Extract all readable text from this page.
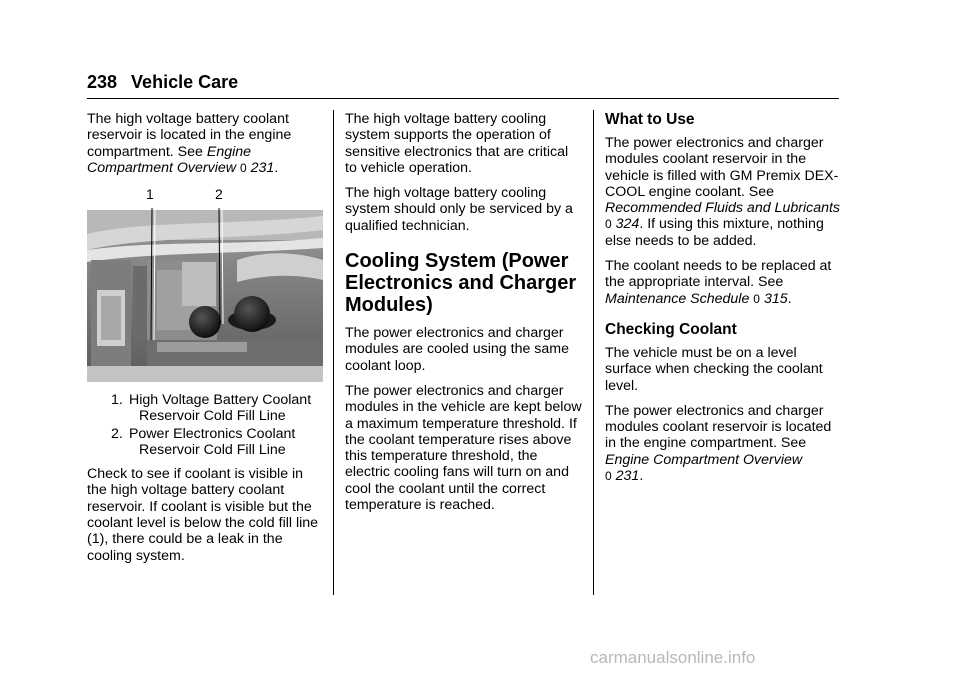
238 Vehicle Care

The high voltage battery coolant reservoir is located in the engine compartment. See Engine Compartment Overview 0 231.

1	2
1. High Voltage Battery Coolant Reservoir Cold Fill Line
2. Power Electronics Coolant Reservoir Cold Fill Line

Check to see if coolant is visible in the high voltage battery coolant reservoir. If coolant is visible but the coolant level is below the cold fill line (1), there could be a leak in the cooling system.

The high voltage battery cooling system supports the operation of sensitive electronics that are critical to vehicle operation.

The high voltage battery cooling system should only be serviced by a qualified technician.

Cooling System (Power Electronics and Charger Modules)

The power electronics and charger modules are cooled using the same coolant loop.

The power electronics and charger modules in the vehicle are kept below a maximum temperature threshold. If the coolant temperature rises above this temperature threshold, the electric cooling fans will turn on and cool the coolant until the correct temperature is reached.

What to Use

The power electronics and charger modules coolant reservoir in the vehicle is filled with GM Premix DEX-COOL engine coolant. See Recommended Fluids and Lubricants 0 324. If using this mixture, nothing else needs to be added.

The coolant needs to be replaced at the appropriate interval. See Maintenance Schedule 0 315.

Checking Coolant

The vehicle must be on a level surface when checking the coolant level.

The power electronics and charger modules coolant reservoir is located in the engine compartment. See Engine Compartment Overview
0 231.

carmanualsonline.info
